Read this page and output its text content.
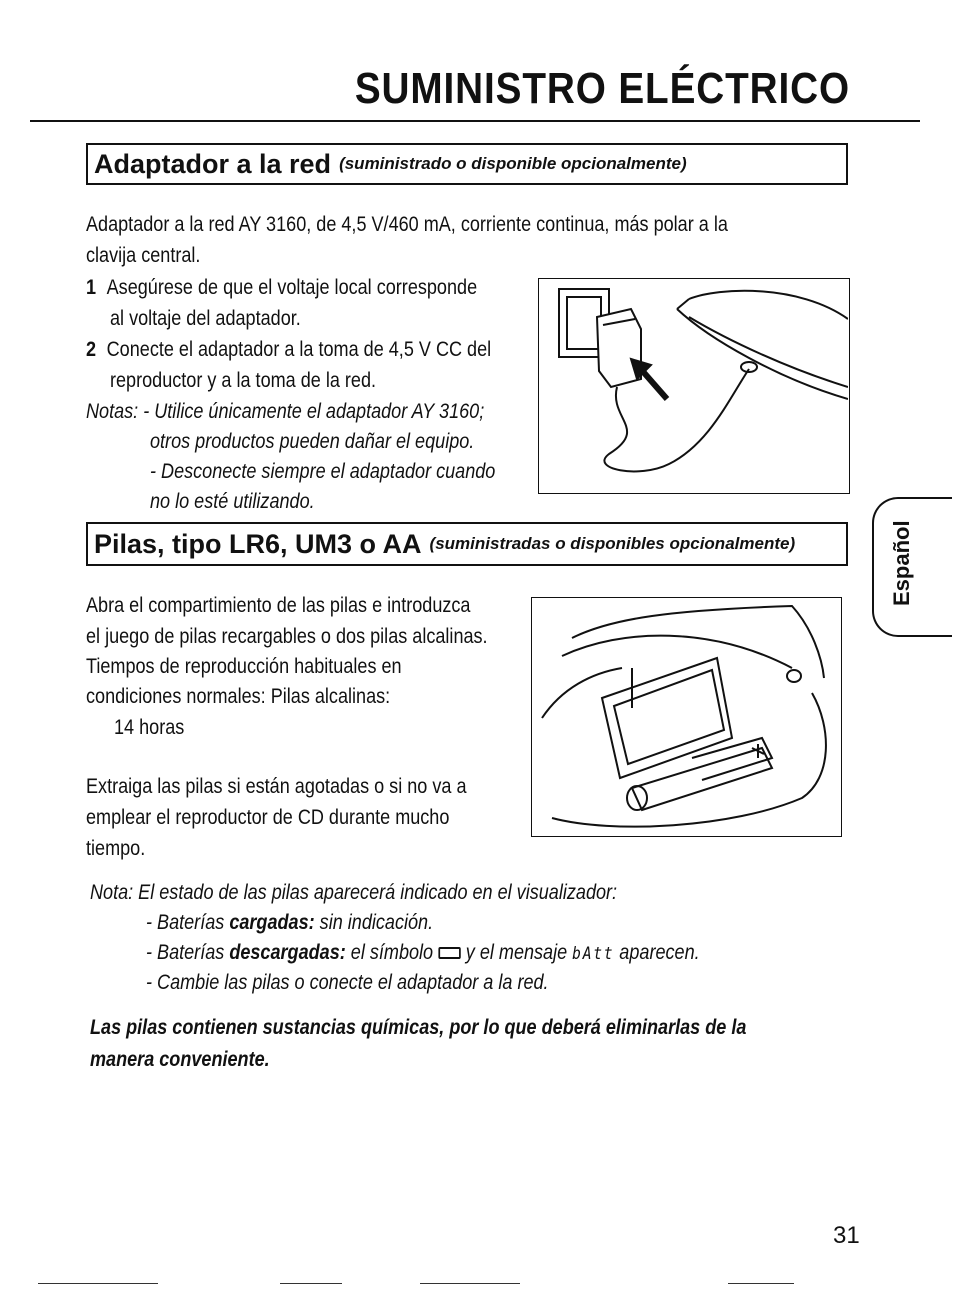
SUMINISTRO ELÉCTRICO
Adaptador a la red (suministrado o disponible opcionalmente)
Adaptador a la red AY 3160, de 4,5 V/460 mA, corriente continua, más polar a la
clavija central.
1 Asegúrese de que el voltaje local corresponde
al voltaje del adaptador.
2 Conecte el adaptador a la toma de 4,5 V CC del
reproductor y a la toma de la red.
Notas: - Utilice únicamente el adaptador AY 3160;
otros productos pueden dañar el equipo.
- Desconecte siempre el adaptador cuando
no lo esté utilizando.
Pilas, tipo LR6, UM3 o AA (suministradas o disponibles opcionalmente)
Abra el compartimiento de las pilas e introduzca
el juego de pilas recargables o dos pilas alcalinas.
Tiempos de reproducción habituales en
condiciones normales: Pilas alcalinas:
14 horas
Extraiga las pilas si están agotadas o si no va a
emplear el reproductor de CD durante mucho
tiempo.
Nota: El estado de las pilas aparecerá indicado en el visualizador:
- Baterías cargadas: sin indicación.
- Baterías descargadas: el símbolo y el mensaje bAtt aparecen.
- Cambie las pilas o conecte el adaptador a la red.
Las pilas contienen sustancias químicas, por lo que deberá eliminarlas de la
manera conveniente.
Español
31
